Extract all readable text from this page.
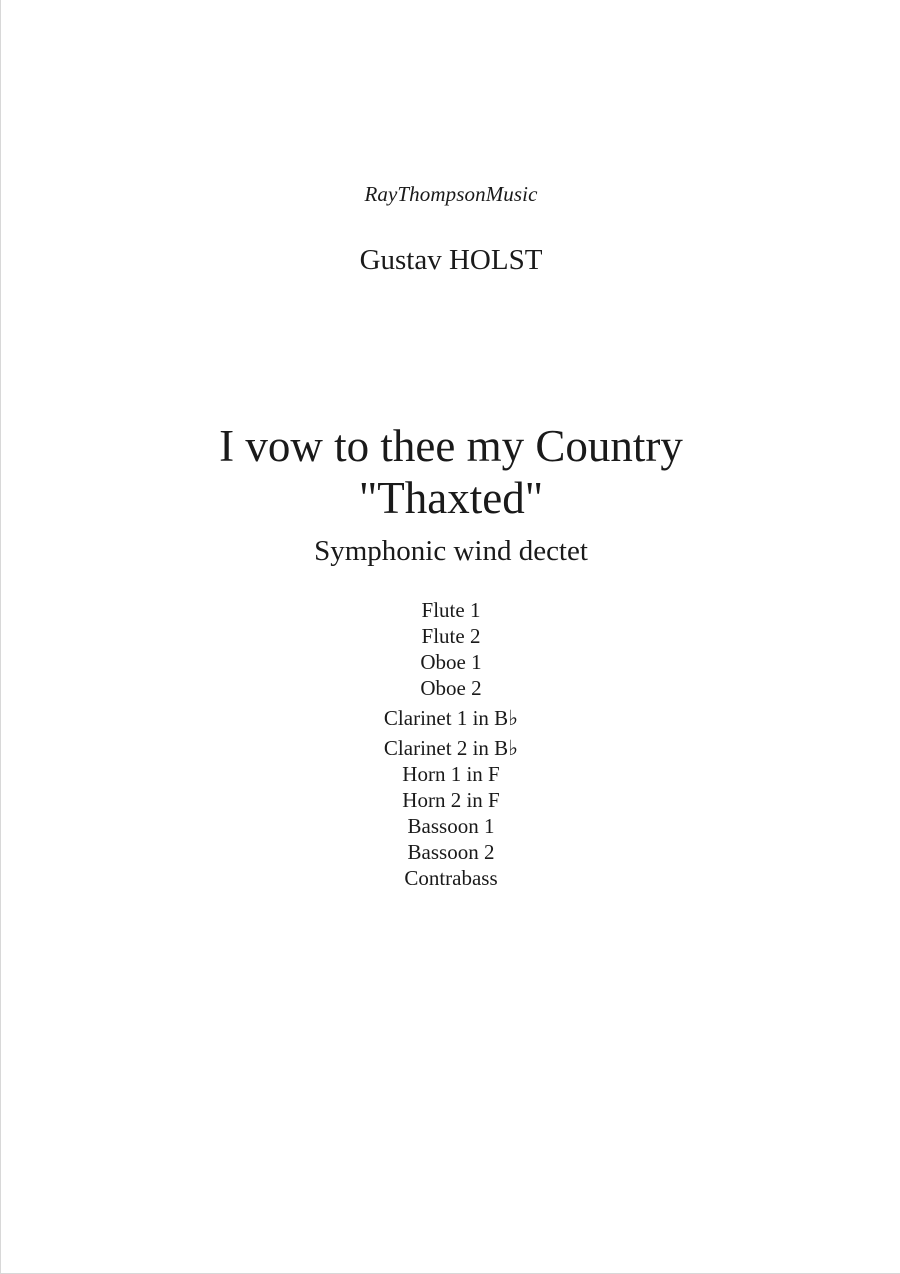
RayThompsonMusic
Gustav HOLST
I vow to thee my Country
"Thaxted"
Symphonic wind dectet
Flute 1
Flute 2
Oboe 1
Oboe 2
Clarinet 1 in B♭
Clarinet 2 in B♭
Horn 1 in F
Horn 2 in F
Bassoon 1
Bassoon 2
Contrabass
